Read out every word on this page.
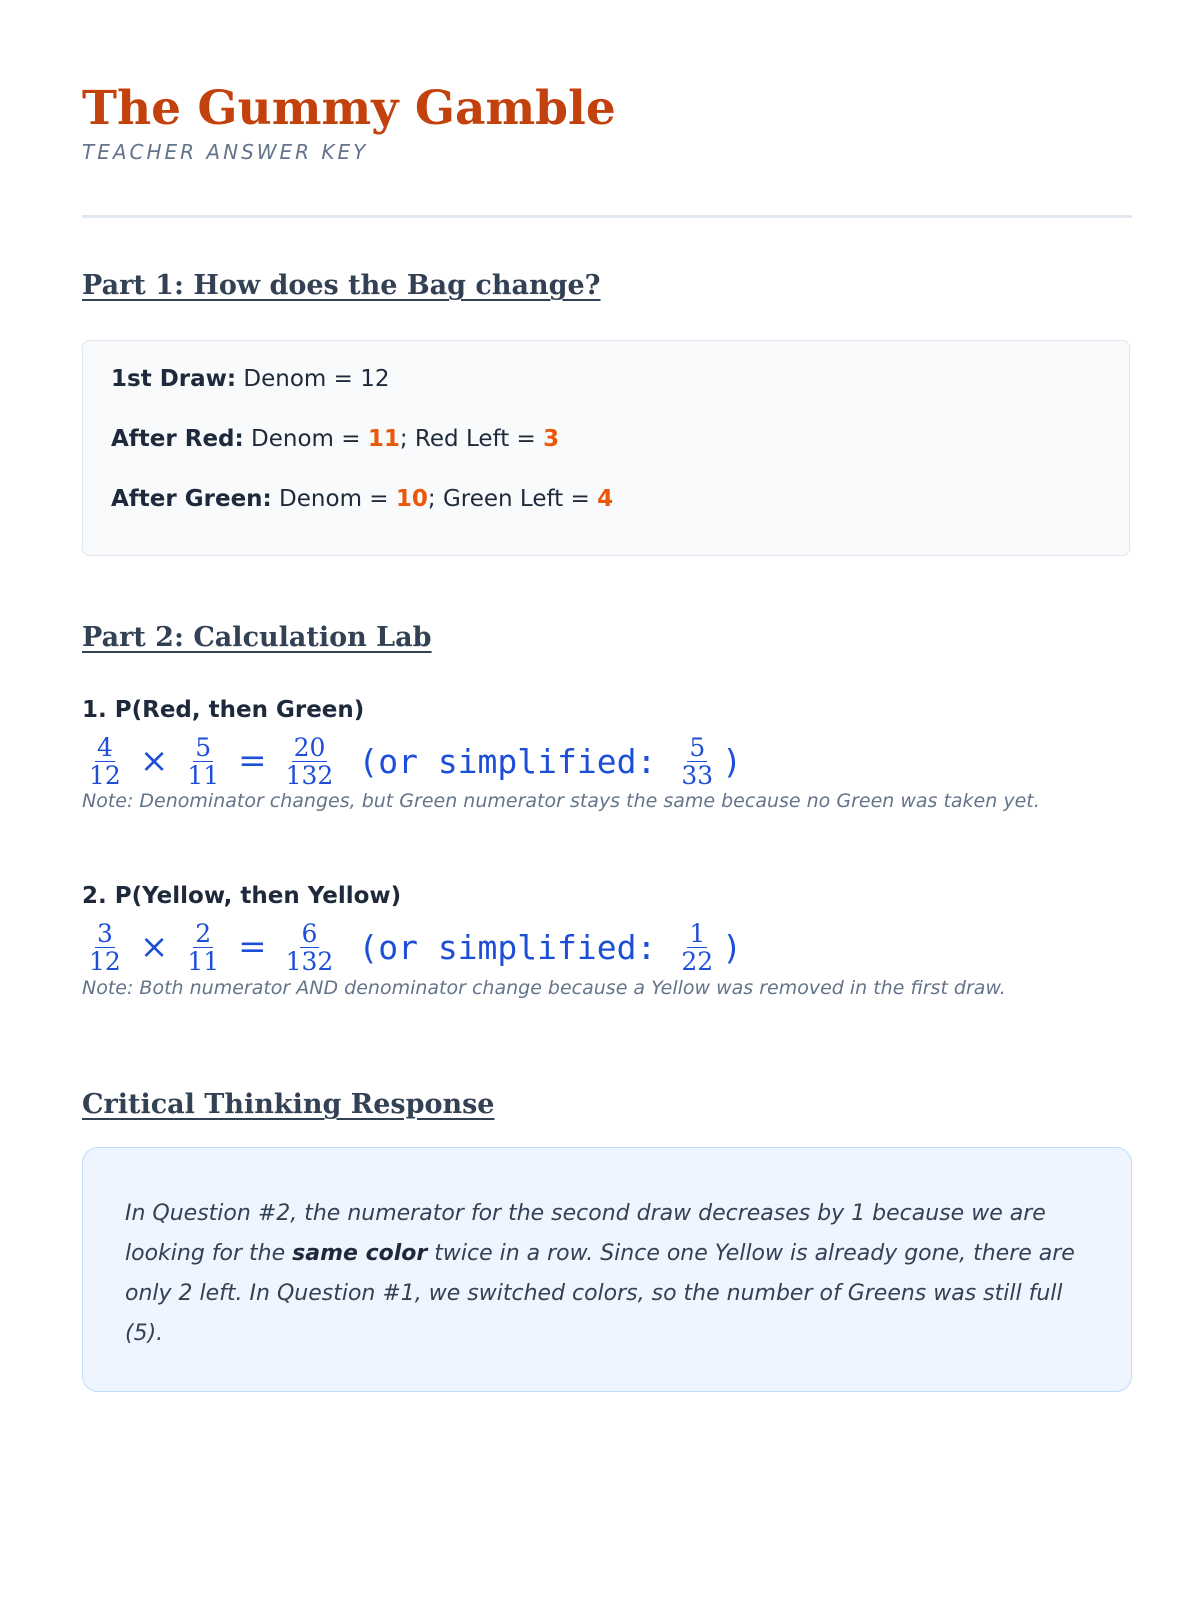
The Gummy Gamble
TEACHER ANSWER KEY
Part 1: How does the Bag change?
1st Draw: Denom = 12
After Red: Denom = 11; Red Left = 3
After Green: Denom = 10; Green Left = 4
Part 2: Calculation Lab
1. P(Red, then Green)
$\frac{4}{12} \times \frac{5}{11} = \frac{20}{132} (or$ simplified: $\frac{5}{33}$ )
Note: Denominator changes, but Green numerator stays the same because no Green was taken yet.
2. P(Yellow, then Yellow)
$\frac{3}{12} \times \frac{2}{11} = \frac{6}{132} (or$ simplified: $\frac{1}{22}$ )
Note: Both numerator AND denominator change because a Yellow was removed in the first draw.
Critical Thinking Response

In Question #2, the numerator for the second draw decreases by 1 because we are looking for the same color twice in a row. Since one Yellow is already gone, there are only 2 left. In Question #1, we switched colors, so the number of Greens was still full (5).
